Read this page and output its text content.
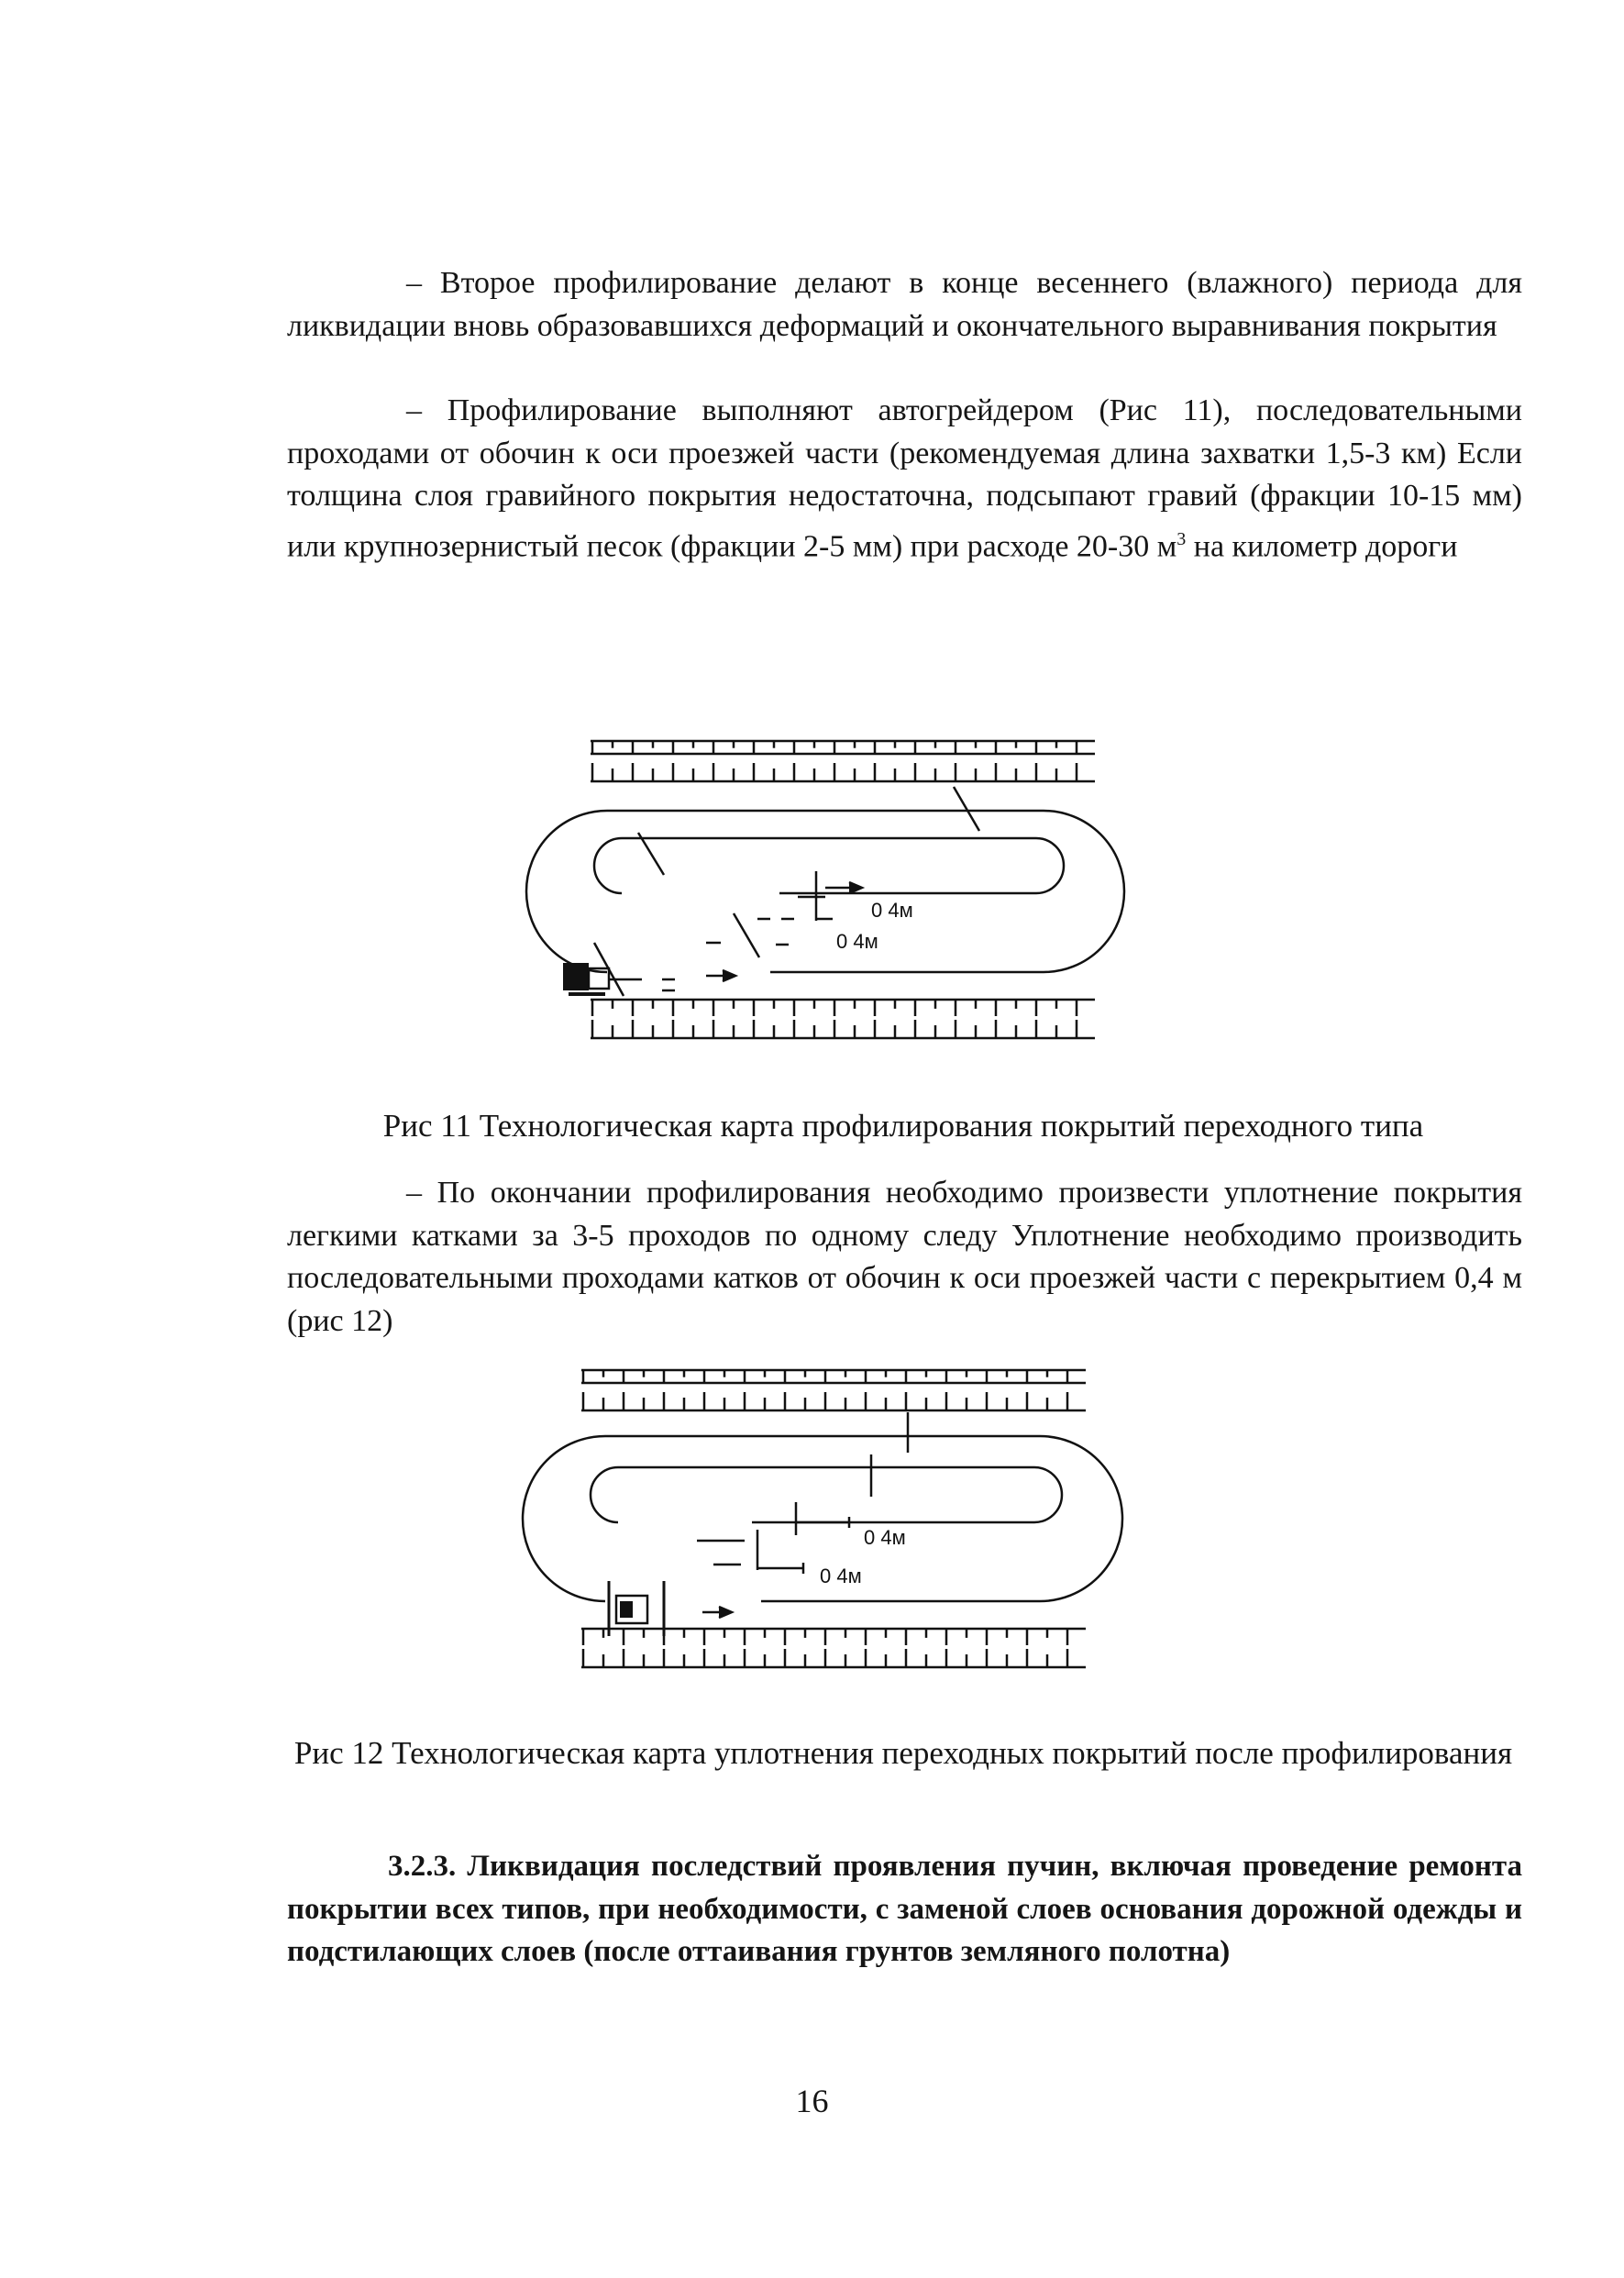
– Второе профилирование делают в конце весеннего (влажного) периода для ликвидации вновь образовавшихся деформаций и окончательного выравнивания покрытия

– Профилирование выполняют автогрейдером (Рис 11), последовательными проходами от обочин к оси проезжей части (рекомендуемая длина захватки 1,5-3 км) Если толщина слоя гравийного покрытия недостаточна, подсыпают гравий (фракции 10-15 мм) или крупнозернистый песок (фракции 2-5 мм) при расходе 20-30 $м^3$ на километр дороги

0 4м
0 4м

Рис 11 Технологическая карта профилирования покрытий переходного типа

– По окончании профилирования необходимо произвести уплотнение покрытия легкими катками за 3-5 проходов по одному следу Уплотнение необходимо производить последовательными проходами катков от обочин к оси проезжей части с перекрытием 0,4 м (рис 12)

0 4м
0 4м

Рис 12 Технологическая карта уплотнения переходных покрытий после профилирования

3.2.3. Ликвидация последствий проявления пучин, включая проведение ремонта покрытии всех типов, при необходимости, с заменой слоев основания дорожной одежды и подстилающих слоев (после оттаивания грунтов земляного полотна)

16
